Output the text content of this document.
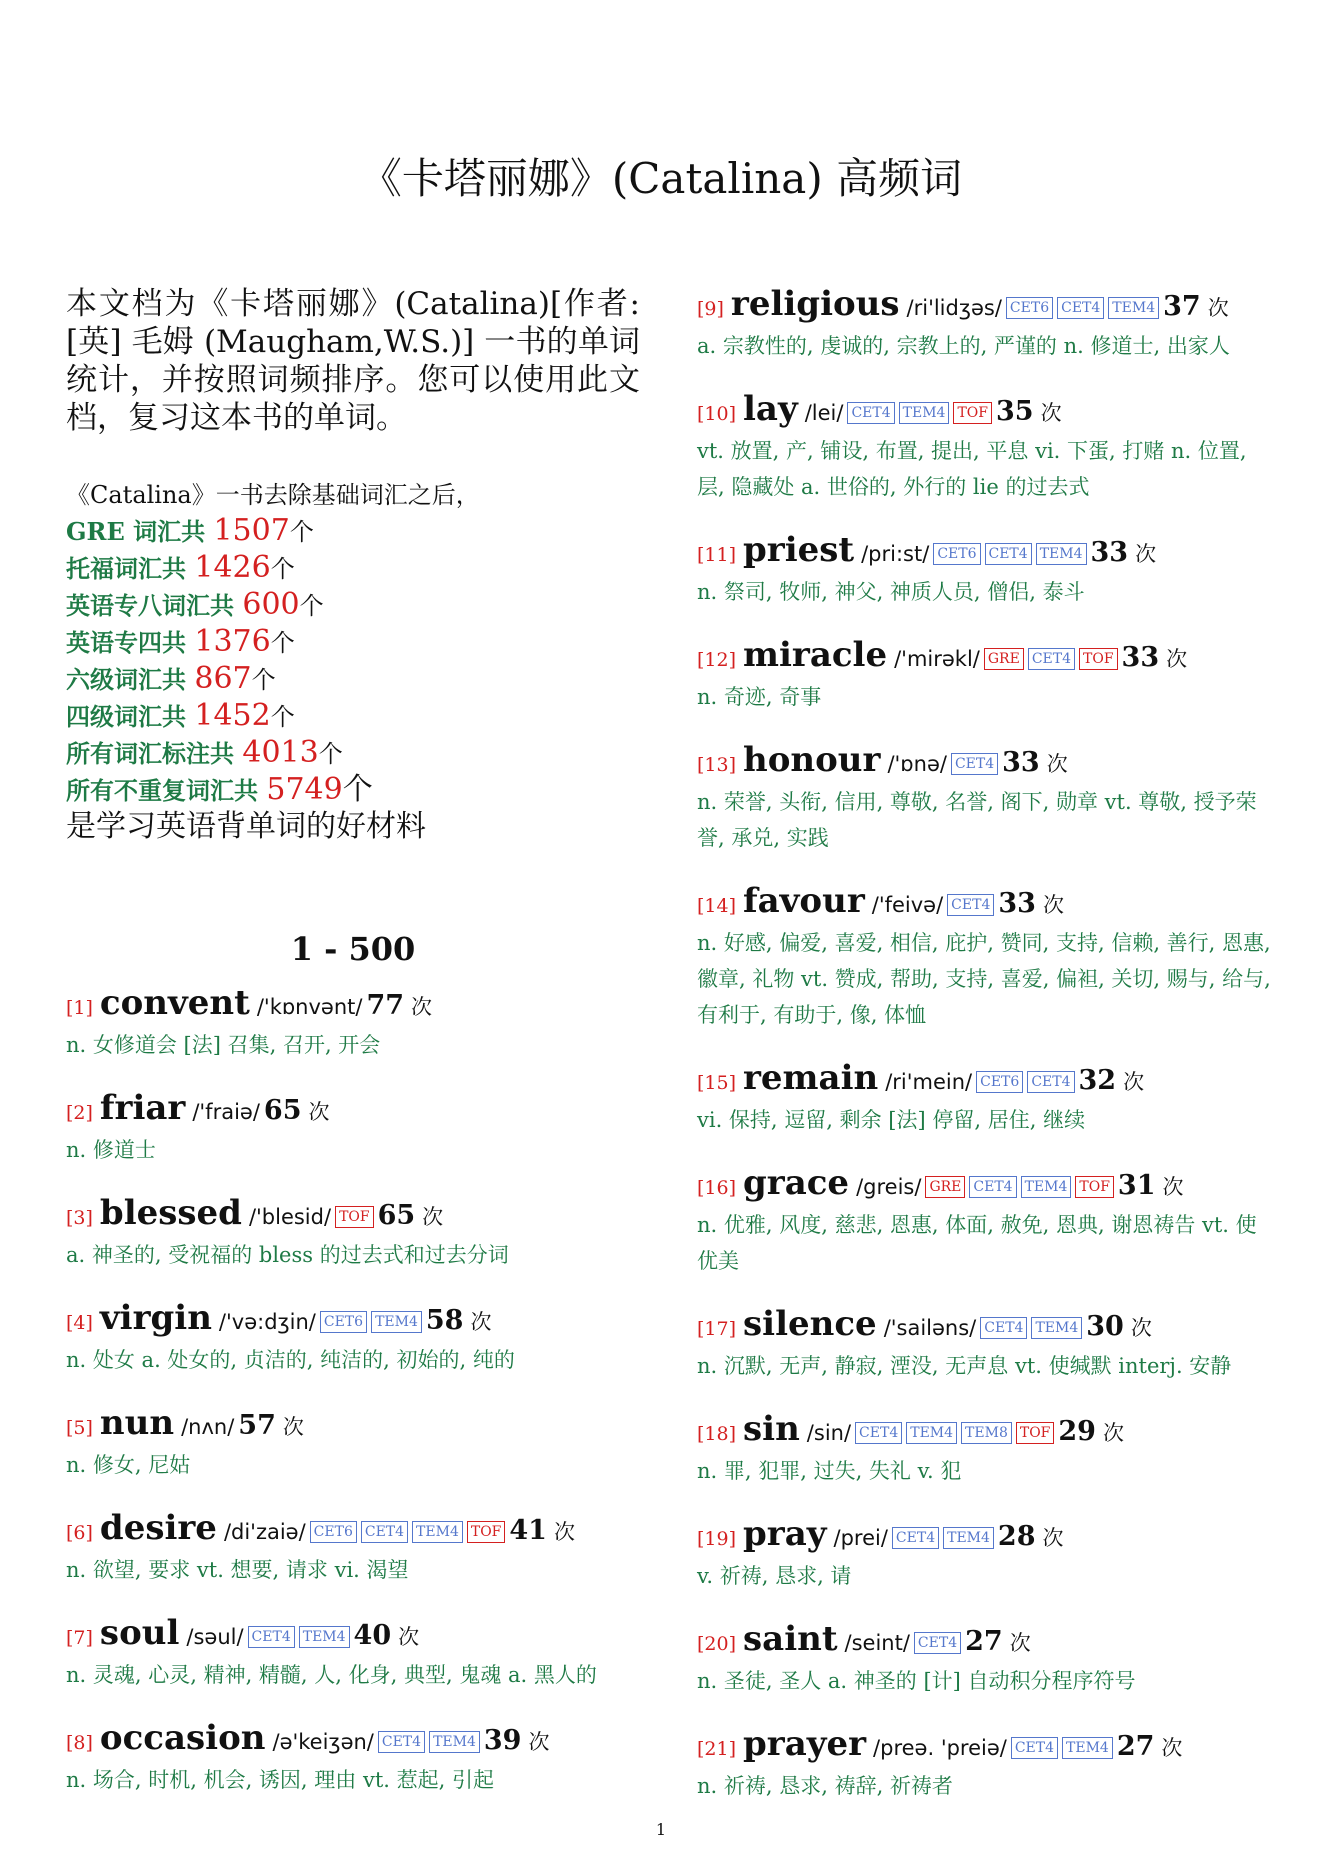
《卡塔丽娜》(Catalina) 高频词

本文档为《卡塔丽娜》(Catalina)[作者: [英] 毛姆 (Maugham,W.S.)] 一书的单词统计，并按照词频排序。您可以使用此文档，复习这本书的单词。

《Catalina》一书去除基础词汇之后，
GRE 词汇共 1507个
托福词汇共 1426个
英语专八词汇共 600个
英语专四共 1376个
六级词汇共 867个
四级词汇共 1452个
所有词汇标注共 4013个
所有不重复词汇共 5749个
是学习英语背单词的好材料
1 - 500
[1] convent /'kɒnvənt/ 77 次

n. 女修道会 [法] 召集, 召开, 开会

[2] friar /'fraiə/ 65 次

n. 修道士

[3] blessed /'blesid/ TOF 65 次

a. 神圣的, 受祝福的 bless 的过去式和过去分词

[4] virgin /'və:dʒin/ CET6 TEM4 58 次

n. 处女 a. 处女的, 贞洁的, 纯洁的, 初始的, 纯的

[5] nun /nʌn/ 57 次

n. 修女, 尼姑

[6] desire /di'zaiə/ CET6 CET4 TEM4 TOF 41 次

n. 欲望, 要求 vt. 想要, 请求 vi. 渴望

[7] soul /səul/ CET4 TEM4 40 次

n. 灵魂, 心灵, 精神, 精髓, 人, 化身, 典型, 鬼魂 a. 黑人的

[8] occasion /ə'keiʒən/ CET4 TEM4 39 次

n. 场合, 时机, 机会, 诱因, 理由 vt. 惹起, 引起

[9] religious /ri'lidʒəs/ CET6 CET4 TEM4 37 次

a. 宗教性的, 虔诚的, 宗教上的, 严谨的 n. 修道士, 出家人

[10] lay /lei/ CET4 TEM4 TOF 35 次

vt. 放置, 产, 铺设, 布置, 提出, 平息 vi. 下蛋, 打赌 n. 位置, 层, 隐藏处 a. 世俗的, 外行的 lie 的过去式

[11] priest /pri:st/ CET6 CET4 TEM4 33 次

n. 祭司, 牧师, 神父, 神质人员, 僧侣, 泰斗

[12] miracle /'mirəkl/ GRE CET4 TOF 33 次

n. 奇迹, 奇事

[13] honour /'ɒnə/ CET4 33 次

n. 荣誉, 头衔, 信用, 尊敬, 名誉, 阁下, 勋章 vt. 尊敬, 授予荣誉, 承兑, 实践

[14] favour /'feivə/ CET4 33 次

n. 好感, 偏爱, 喜爱, 相信, 庇护, 赞同, 支持, 信赖, 善行, 恩惠, 徽章, 礼物 vt. 赞成, 帮助, 支持, 喜爱, 偏袒, 关切, 赐与, 给与, 有利于, 有助于, 像, 体恤

[15] remain /ri'mein/ CET6 CET4 32 次

vi. 保持, 逗留, 剩余 [法] 停留, 居住, 继续

[16] grace /greis/ GRE CET4 TEM4 TOF 31 次

n. 优雅, 风度, 慈悲, 恩惠, 体面, 赦免, 恩典, 谢恩祷告 vt. 使优美

[17] silence /'sailəns/ CET4 TEM4 30 次

n. 沉默, 无声, 静寂, 湮没, 无声息 vt. 使缄默 interj. 安静

[18] sin /sin/ CET4 TEM4 TEM8 TOF 29 次

n. 罪, 犯罪, 过失, 失礼 v. 犯

[19] pray /prei/ CET4 TEM4 28 次

v. 祈祷, 恳求, 请

[20] saint /seint/ CET4 27 次

n. 圣徒, 圣人 a. 神圣的 [计] 自动积分程序符号

[21] prayer /preə. 'preiə/ CET4 TEM4 27 次

n. 祈祷, 恳求, 祷辞, 祈祷者

1
